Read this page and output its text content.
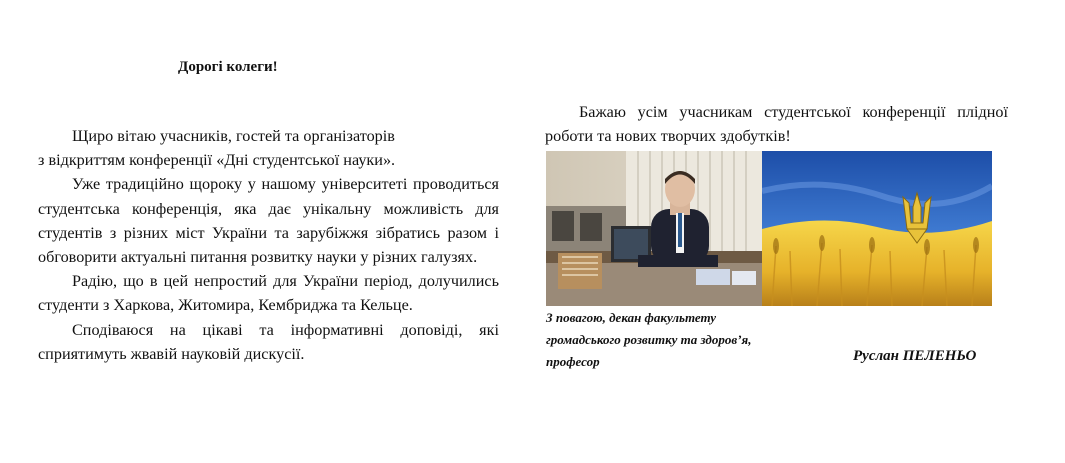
Дорогі колеги!

Щиро вітаю учасників, гостей та організаторів

з відкриттям конференції «Дні студентської науки».

Уже традиційно щороку у нашому університеті проводиться студентська конференція, яка дає унікальну можливість для студентів з різних міст України та зарубіжжя зібратись разом і обговорити актуальні питання розвитку науки у різних галузях.

Радію, що в цей непростий для України період, долучились студенти з Харкова, Житомира, Кембриджа та Кельце.

Сподіваюся на цікаві та інформативні доповіді, які сприятимуть жвавій науковій дискусії.

Бажаю усім учасникам студентської конференції плідної роботи та нових творчих здобутків!

З повагою, декан факультету
громадського розвитку та здоров’я,
професор	Руслан ПЕЛЕНЬО
